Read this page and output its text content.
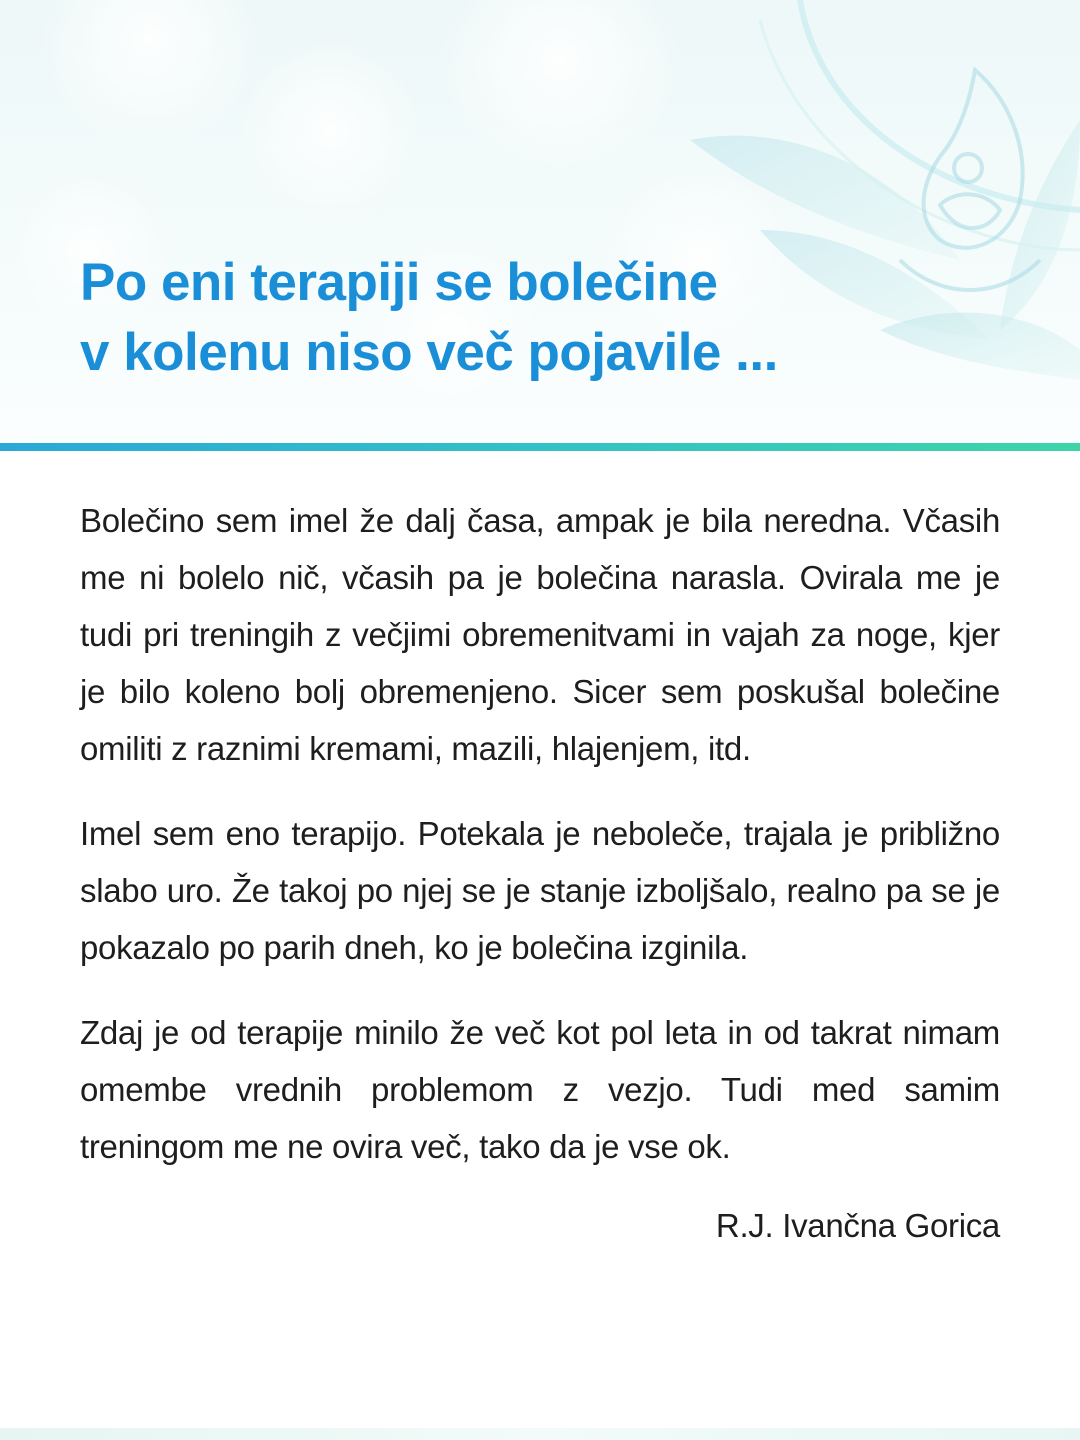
Po eni terapiji se bolečine
v kolenu niso več pojavile ...

Bolečino sem imel že dalj časa, ampak je bila neredna. Včasih me ni bolelo nič, včasih pa je bolečina narasla. Ovirala me je tudi pri treningih z večjimi obremenitvami in vajah za noge, kjer je bilo koleno bolj obremenjeno. Sicer sem poskušal bolečine omiliti z raznimi kremami, mazili, hlajenjem, itd.

Imel sem eno terapijo. Potekala je neboleče, trajala je približno slabo uro. Že takoj po njej se je stanje izboljšalo, realno pa se je pokazalo po parih dneh, ko je bolečina izginila.

Zdaj je od terapije minilo že več kot pol leta in od takrat nimam omembe vrednih problemom z vezjo. Tudi med samim treningom me ne ovira več, tako da je vse ok.

R.J. Ivančna Gorica
